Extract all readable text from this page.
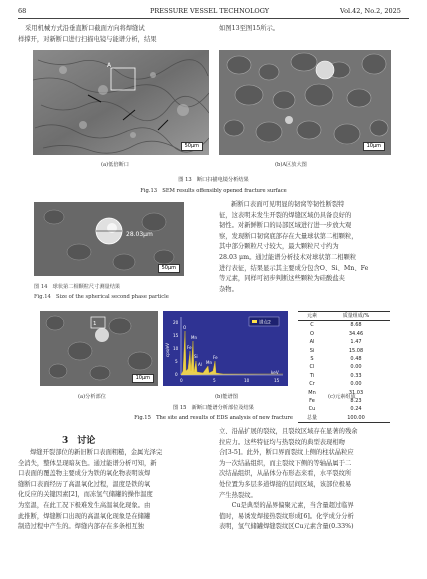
68	PRESSURE VESSEL TECHNOLOGY	Vol.42, No.2, 2025
采用机械方式沿垂直断口截面方向将焊缝试
样撑开，对新断口进行扫描电镜与能谱分析，结果
如图13至图15所示。
A
50μm
(a)低倍断口
10μm
(b)A区放大图
图 13　断口扫描电镜分析结果
Fig.13　SEM results offensibly opened fracture surface
28.03μm
50μm
图 14　球状第二相颗粒尺寸测量结果
Fig.14　Size of the spherical second phase particle
新断口表面可见明显的韧窝等韧性断裂特
征，这表明未发生开裂的焊缝区域仍具备良好的
韧性。对新鲜断口的局部区域进行进一步放大观
察，发现断口韧窝底部存在大量球状第二相颗粒，
其中部分颗粒尺寸较大，最大颗粒尺寸约为
28.03 μm。通过能谱分析技术对球状第二相颗粒
进行表征，结果显示其主要成分包含O、Si、Mn、Fe
等元素，同样可初步判断这些颗粒为硅酸盐夹
杂物。
1
10μm
(a)分析部位
20
15
10
5
0
0	5	10	15
keV
cps/eV
O
Fe
Mn
Si
Al
Fe
Mn
谱点2
(b)能谱图
元素	质量组成/%
C	8.68
O	34.46
Al	1.47
Si	15.08
S	0.48
Cl	0.00
Ti	0.33
Cr	0.00
Mn	31.03
Fe	8.23
Cu	0.24
总量	100.00
(c)元素组成
图 15　新断口能谱分析部位及结果
Fig.15　The site and results of EDS analysis of new fracture
3　讨论
焊缝开裂部位的新旧断口表面粗糙，金属光泽完
全消失，整体呈现暗灰色。通过能谱分析可知，新
口表面的覆盖物主要成分为铁的氧化物表明该焊
缝断口表面经历了高温氧化过程，温度是铁的氧
化反应的关键因素[2]，而冻氢气储罐的操作温度
为室温，在此工况下极难发生高温氧化现象。由
此推断，焊缝断口出现的高温氧化现象是在储罐
制造过程中产生的。焊缝内部存在多条相互独
立、沿晶扩展的裂纹，且裂纹区域存在显著的残余
拉应力。这些特征均与热裂纹的典型表现相吻
合[3-5]。此外，断口界面裂纹上侧的柱状晶粒应
为一次结晶组织，而主裂纹下侧的等轴晶属于二
次结晶组织，从晶体分布形态来看，水平裂纹所
处位置为多层多道焊接的层间区域，该部位极易
产生热裂纹。
　　Cu是典型的晶界偏聚元素，当含量超过临界
值时，易诱发焊接热裂纹形成[6]。化学成分分析
表明，氢气储罐焊缝裂纹区Cu元素含量(0.33%)
